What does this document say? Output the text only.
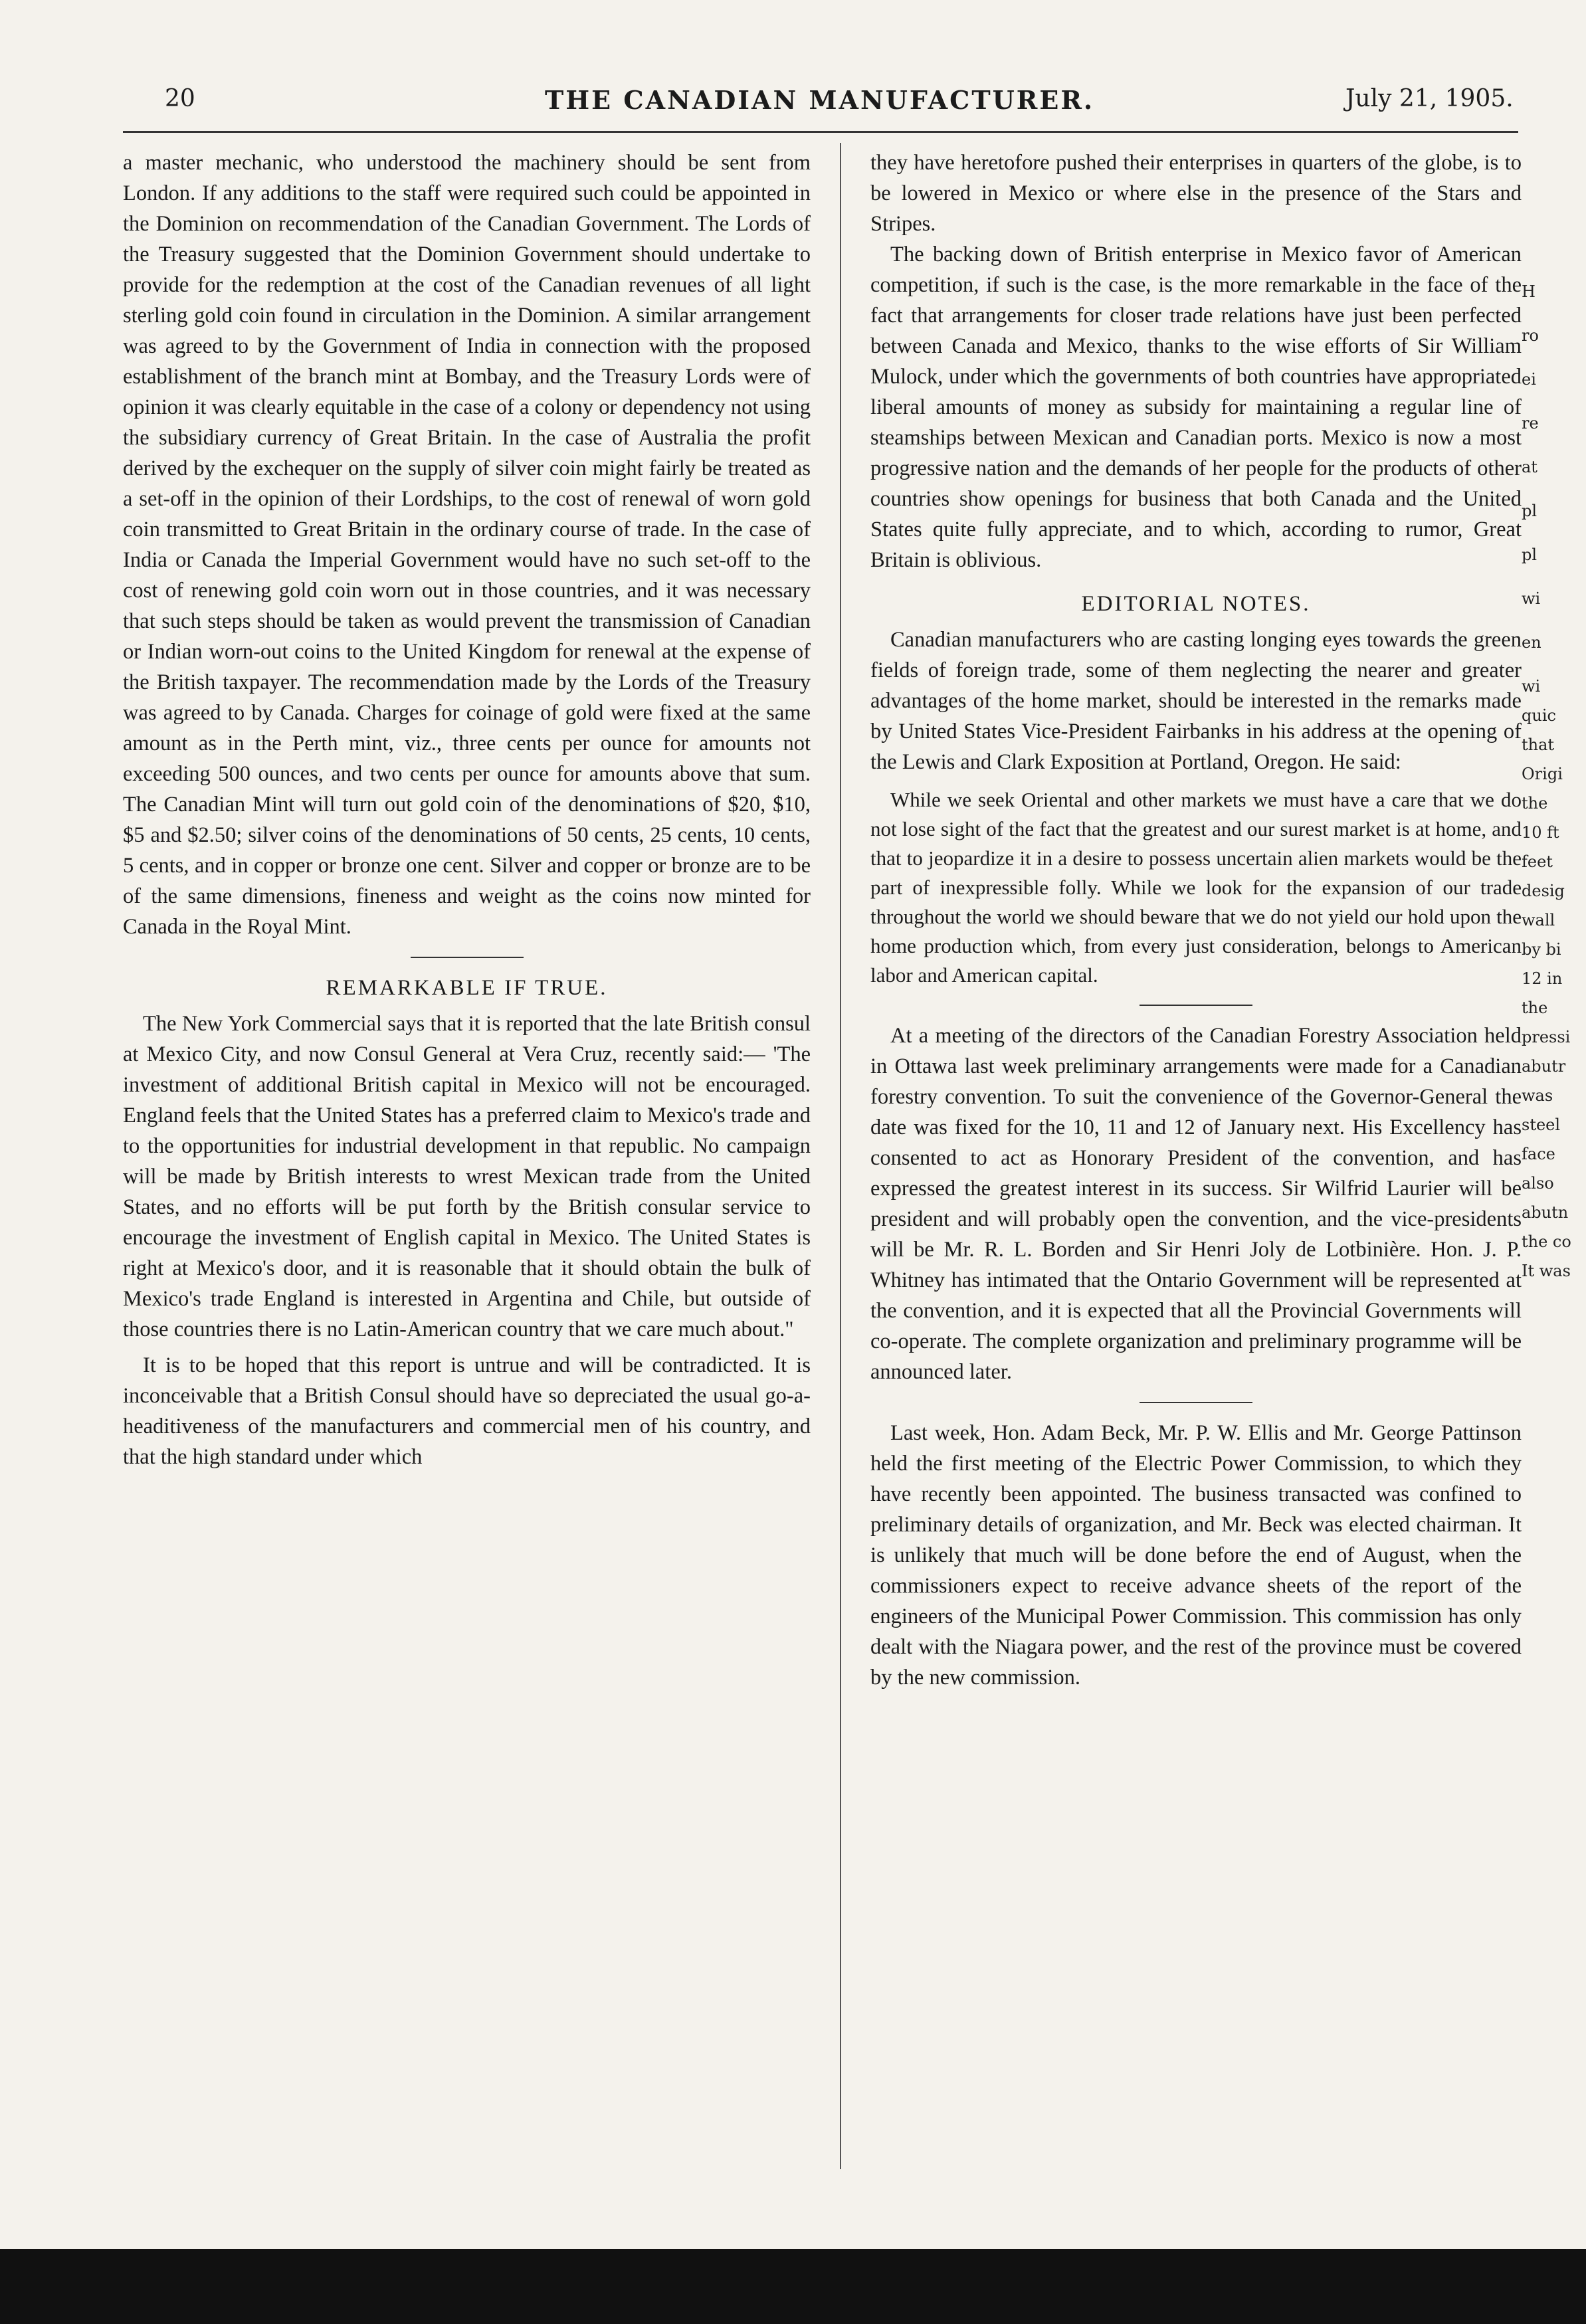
20	THE CANADIAN MANUFACTURER.	July 21, 1905.

a master mechanic, who understood the machinery should be sent from London. If any additions to the staff were required such could be appointed in the Dominion on recommendation of the Canadian Government. The Lords of the Treasury suggested that the Dominion Government should undertake to provide for the redemption at the cost of the Canadian revenues of all light sterling gold coin found in circulation in the Dominion. A similar arrangement was agreed to by the Government of India in connection with the proposed establishment of the branch mint at Bombay, and the Treasury Lords were of opinion it was clearly equitable in the case of a colony or dependency not using the subsidiary currency of Great Britain. In the case of Australia the profit derived by the exchequer on the supply of silver coin might fairly be treated as a set-off in the opinion of their Lordships, to the cost of renewal of worn gold coin transmitted to Great Britain in the ordinary course of trade. In the case of India or Canada the Imperial Government would have no such set-off to the cost of renewing gold coin worn out in those countries, and it was necessary that such steps should be taken as would prevent the transmission of Canadian or Indian worn-out coins to the United Kingdom for renewal at the expense of the British taxpayer. The recommendation made by the Lords of the Treasury was agreed to by Canada. Charges for coinage of gold were fixed at the same amount as in the Perth mint, viz., three cents per ounce for amounts not exceeding 500 ounces, and two cents per ounce for amounts above that sum. The Canadian Mint will turn out gold coin of the denominations of $20, $10, $5 and $2.50; silver coins of the denominations of 50 cents, 25 cents, 10 cents, 5 cents, and in copper or bronze one cent. Silver and copper or bronze are to be of the same dimensions, fineness and weight as the coins now minted for Canada in the Royal Mint.

REMARKABLE IF TRUE.

The New York Commercial says that it is reported that the late British consul at Mexico City, and now Consul General at Vera Cruz, recently said:— 'The investment of additional British capital in Mexico will not be encouraged. England feels that the United States has a preferred claim to Mexico's trade and to the opportunities for industrial development in that republic. No campaign will be made by British interests to wrest Mexican trade from the United States, and no efforts will be put forth by the British consular service to encourage the investment of English capital in Mexico. The United States is right at Mexico's door, and it is reasonable that it should obtain the bulk of Mexico's trade England is interested in Argentina and Chile, but outside of those countries there is no Latin-American country that we care much about."

It is to be hoped that this report is untrue and will be contradicted. It is inconceivable that a British Consul should have so depreciated the usual go-a-headitiveness of the manufacturers and commercial men of his country, and that the high standard under which

they have heretofore pushed their enterprises in quarters of the globe, is to be lowered in Mexico or where else in the presence of the Stars and Stripes.

The backing down of British enterprise in Mexico favor of American competition, if such is the case, is the more remarkable in the face of the fact that arrangements for closer trade relations have just been perfected between Canada and Mexico, thanks to the wise efforts of Sir William Mulock, under which the governments of both countries have appropriated liberal amounts of money as subsidy for maintaining a regular line of steamships between Mexican and Canadian ports. Mexico is now a most progressive nation and the demands of her people for the products of other countries show openings for business that both Canada and the United States quite fully appreciate, and to which, according to rumor, Great Britain is oblivious.

EDITORIAL NOTES.

Canadian manufacturers who are casting longing eyes towards the green fields of foreign trade, some of them neglecting the nearer and greater advantages of the home market, should be interested in the remarks made by United States Vice-President Fairbanks in his address at the opening of the Lewis and Clark Exposition at Portland, Oregon. He said:

While we seek Oriental and other markets we must have a care that we do not lose sight of the fact that the greatest and our surest market is at home, and that to jeopardize it in a desire to possess uncertain alien markets would be the part of inexpressible folly. While we look for the expansion of our trade throughout the world we should beware that we do not yield our hold upon the home production which, from every just consideration, belongs to American labor and American capital.

At a meeting of the directors of the Canadian Forestry Association held in Ottawa last week preliminary arrangements were made for a Canadian forestry convention. To suit the convenience of the Governor-General the date was fixed for the 10, 11 and 12 of January next. His Excellency has consented to act as Honorary President of the convention, and has expressed the greatest interest in its success. Sir Wilfrid Laurier will be president and will probably open the convention, and the vice-presidents will be Mr. R. L. Borden and Sir Henri Joly de Lotbinière. Hon. J. P. Whitney has intimated that the Ontario Government will be represented at the convention, and it is expected that all the Provincial Governments will co-operate. The complete organization and preliminary programme will be announced later.

Last week, Hon. Adam Beck, Mr. P. W. Ellis and Mr. George Pattinson held the first meeting of the Electric Power Commission, to which they have recently been appointed. The business transacted was confined to preliminary details of organization, and Mr. Beck was elected chairman. It is unlikely that much will be done before the end of August, when the commissioners expect to receive advance sheets of the report of the engineers of the Municipal Power Commission. This commission has only dealt with the Niagara power, and the rest of the province must be covered by the new commission.

H
ro
ei
re
at
pl
pl
wi
en
wi
quic
that
Origi
the
10 ft
feet
desig
wall
by bi
12 in
the
pressi
abutr
was
steel
face
also
abutn
the co
It was
